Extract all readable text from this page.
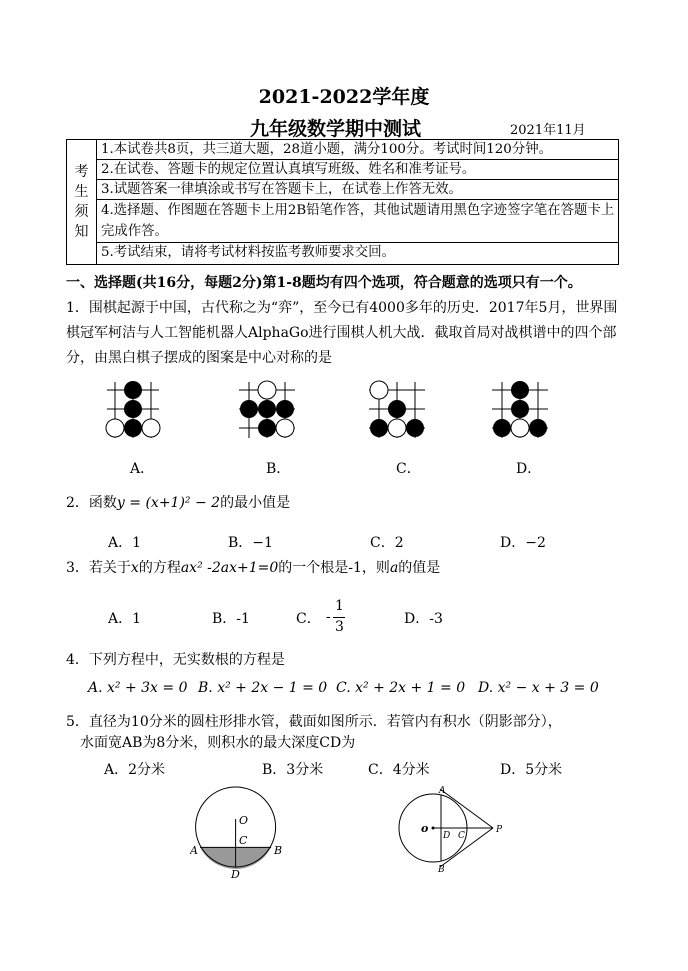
2021-2022学年度
九年级数学期中测试	2021年11月
考
生
须
知
1.本试卷共8页，共三道大题，28道小题，满分100分。考试时间120分钟。
2.在试卷、答题卡的规定位置认真填写班级、姓名和准考证号。
3.试题答案一律填涂或书写在答题卡上，在试卷上作答无效。
4.选择题、作图题在答题卡上用2B铅笔作答，其他试题请用黑色字迹签字笔在答题卡上完成作答。
5.考试结束，请将考试材料按监考教师要求交回。
一、选择题(共16分，每题2分)第1-8题均有四个选项，符合题意的选项只有一个。
1．围棋起源于中国，古代称之为“弈”，至今已有4000多年的历史．2017年5月，世界围棋冠军柯洁与人工智能机器人AlphaGo进行围棋人机大战．截取首局对战棋谱中的四个部分，由黑白棋子摆成的图案是中心对称的是
A．	B．	C．	D．
2．函数y = (x+1)² − 2的最小值是
A．1	B．−1	C．2	D．−2
3．若关于x的方程ax² -2ax+1=0的一个根是-1，则a的值是
A．1	B．-1	C． -
1
3	D．-3
4．下列方程中，无实数根的方程是
A. x² + 3x = 0 B. x² + 2x − 1 = 0 C. x² + 2x + 1 = 0 D. x² − x + 3 = 0
5．直径为10分米的圆柱形排水管，截面如图所示．若管内有积水（阴影部分），
水面宽AB为8分米，则积水的最大深度CD为
A．2分米	B．3分米	C．4分米	D．5分米
O
C
A	B
D
o
A
D C
P
B
